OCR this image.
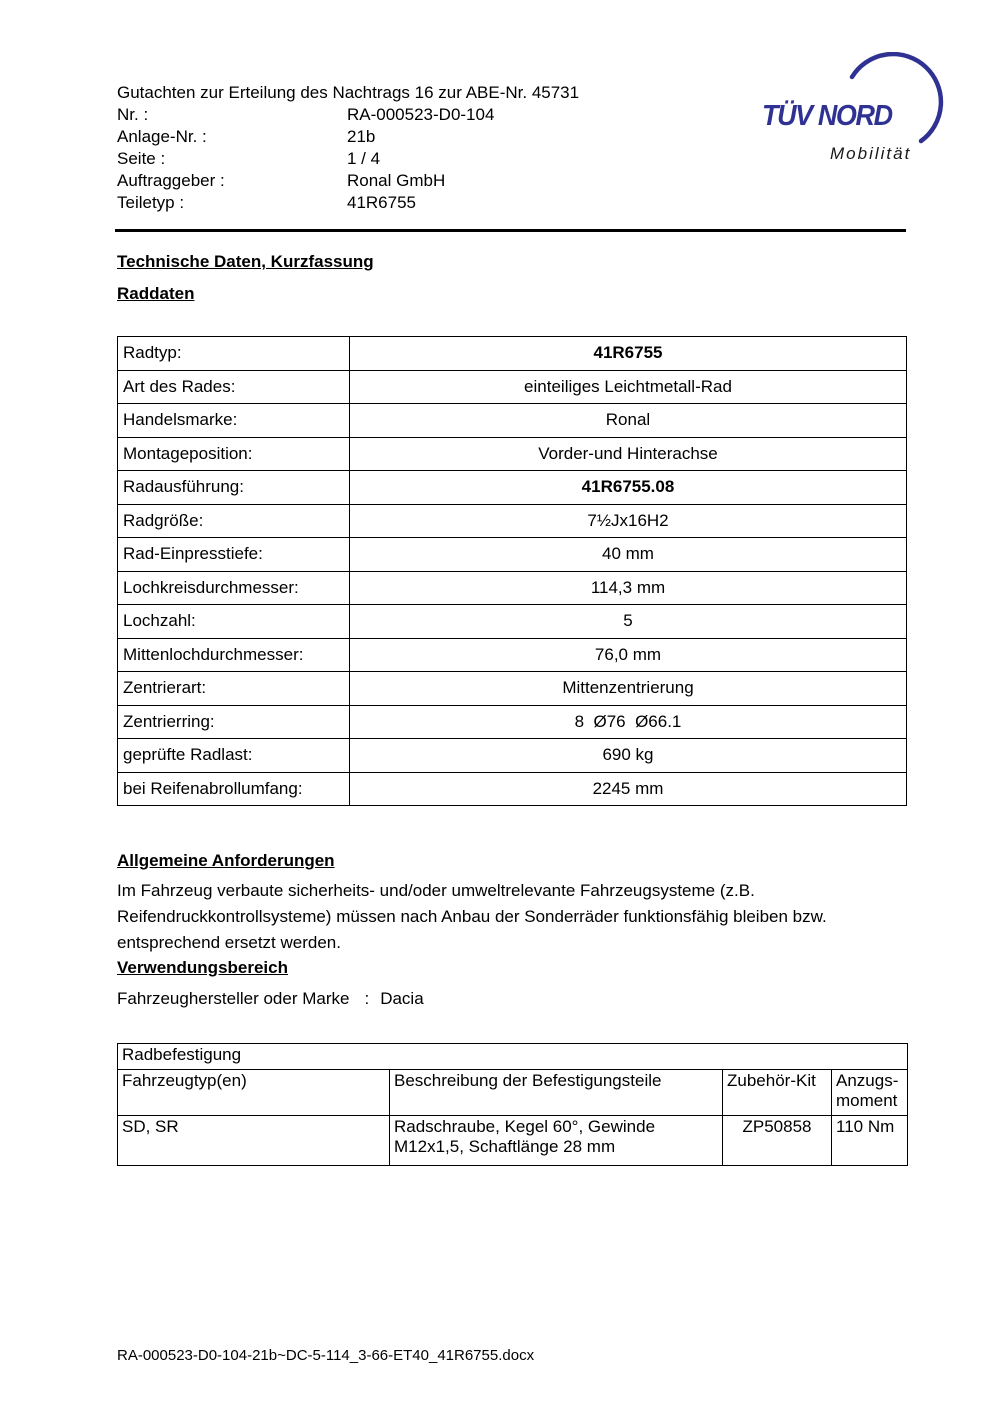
Gutachten zur Erteilung des Nachtrags 16 zur ABE-Nr. 45731
Nr. :	RA-000523-D0-104
Anlage-Nr. :	21b
Seite :	1 / 4
Auftraggeber :	Ronal GmbH
Teiletyp :	41R6755
TÜV NORD
Mobilität
Technische Daten, Kurzfassung
Raddaten
Radtyp:	41R6755
Art des Rades:	einteiliges Leichtmetall-Rad
Handelsmarke:	Ronal
Montageposition:	Vorder-und Hinterachse
Radausführung:	41R6755.08
Radgröße:	7½Jx16H2
Rad-Einpresstiefe:	40 mm
Lochkreisdurchmesser:	114,3 mm
Lochzahl:	5
Mittenlochdurchmesser:	76,0 mm
Zentrierart:	Mittenzentrierung
Zentrierring:	8  Ø76  Ø66.1
geprüfte Radlast:	690 kg
bei Reifenabrollumfang:	2245 mm
Allgemeine Anforderungen
Im Fahrzeug verbaute sicherheits- und/oder umweltrelevante Fahrzeugsysteme (z.B. Reifendruckkontrollsysteme) müssen nach Anbau der Sonderräder funktionsfähig bleiben bzw. entsprechend ersetzt werden.
Verwendungsbereich
Fahrzeughersteller oder Marke : Dacia
Radbefestigung			
Fahrzeugtyp(en)	Beschreibung der Befestigungsteile	Zubehör-Kit	Anzugs-moment
SD, SR	Radschraube, Kegel 60°, Gewinde M12x1,5, Schaftlänge 28 mm	ZP50858	110 Nm
RA-000523-D0-104-21b~DC-5-114_3-66-ET40_41R6755.docx
